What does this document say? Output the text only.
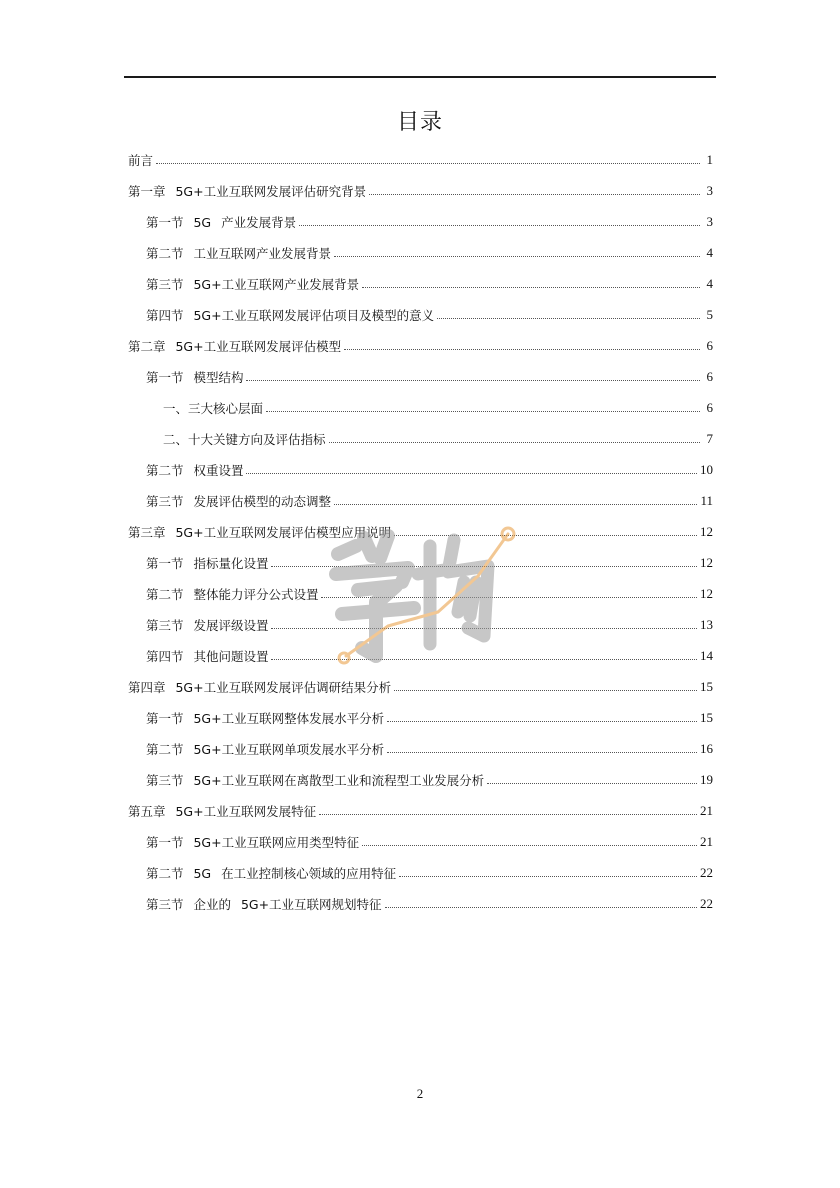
目录
前言	1
第一章 5G+工业互联网发展评估研究背景	3
第一节 5G 产业发展背景	3
第二节 工业互联网产业发展背景	4
第三节 5G+工业互联网产业发展背景	4
第四节 5G+工业互联网发展评估项目及模型的意义	5
第二章 5G+工业互联网发展评估模型	6
第一节 模型结构	6
一、三大核心层面	6
二、十大关键方向及评估指标	7
第二节 权重设置	10
第三节 发展评估模型的动态调整	11
第三章 5G+工业互联网发展评估模型应用说明	12
第一节 指标量化设置	12
第二节 整体能力评分公式设置	12
第三节 发展评级设置	13
第四节 其他问题设置	14
第四章 5G+工业互联网发展评估调研结果分析	15
第一节 5G+工业互联网整体发展水平分析	15
第二节 5G+工业互联网单项发展水平分析	16
第三节 5G+工业互联网在离散型工业和流程型工业发展分析	19
第五章 5G+工业互联网发展特征	21
第一节 5G+工业互联网应用类型特征	21
第二节 5G 在工业控制核心领域的应用特征	22
第三节 企业的 5G+工业互联网规划特征	22
2
